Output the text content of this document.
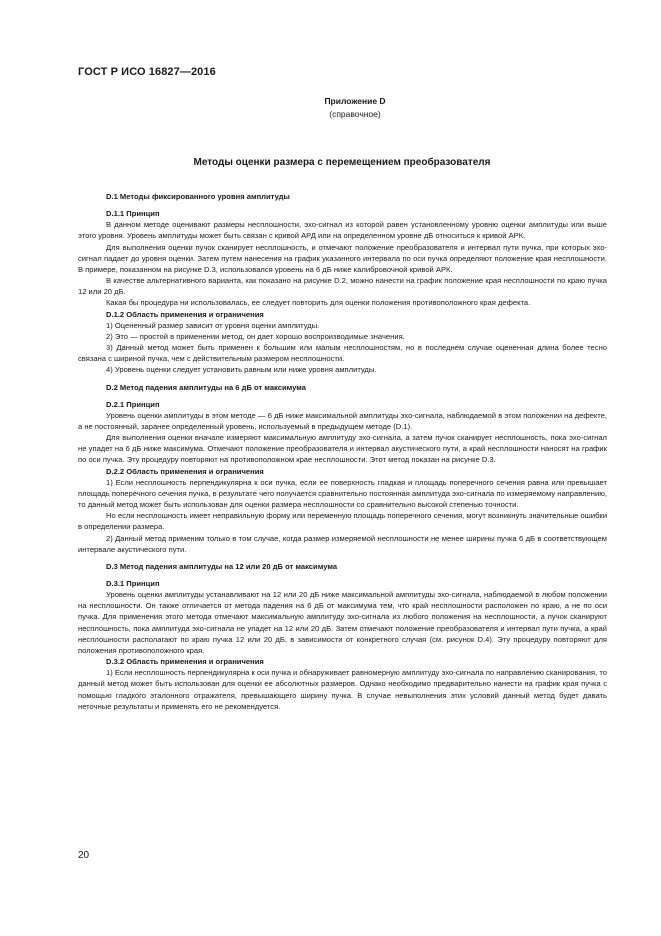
ГОСТ Р ИСО 16827—2016
Приложение D
(справочное)
Методы оценки размера с перемещением преобразователя

D.1 Методы фиксированного уровня амплитуды

D.1.1 Принцип

В данном методе оценивают размеры несплошности, эхо-сигнал из которой равен установленному уровню оценки амплитуды или выше этого уровня. Уровень амплитуды может быть связан с кривой АРД или на определенном уровне дБ относиться к кривой АРК.

Для выполнения оценки пучок сканирует несплошность, и отмечают положение преобразователя и интервал пути пучка, при которых эхо-сигнал падает до уровня оценки. Затем путем нанесения на график указанного интервала по оси пучка определяют положение края несплошности. В примере, показанном на рисунке D.3, использовался уровень на 6 дБ ниже калибровочной кривой АРК.

В качестве альтернативного варианта, как показано на рисунке D.2, можно нанести на график положение края несплошности по краю пучка 12 или 20 дБ.

Какая бы процедура ни использовалась, ее следует повторить для оценки положения противоположного края дефекта.

D.1.2 Область применения и ограничения

1) Оцененный размер зависит от уровня оценки амплитуды.

2) Это — простой в применении метод, он дает хорошо воспроизводимые значения.

3) Данный метод может быть применен к большим или малым несплошностям, но в последнем случае оцененная длина более тесно связана с шириной пучка, чем с действительным размером несплошности.

4) Уровень оценки следует установить равным или ниже уровня амплитуды.

D.2 Метод падения амплитуды на 6 дБ от максимума

D.2.1 Принцип

Уровень оценки амплитуды в этом методе — 6 дБ ниже максимальной амплитуды эхо-сигнала, наблюдаемой в этом положении на дефекте, а не постоянный, заранее определенный уровень, используемый в предыдущем методе (D.1).

Для выполнения оценки вначале измеряют максимальную амплитуду эхо-сигнала, а затем пучок сканирует несплошность, пока эхо-сигнал не упадет на 6 дБ ниже максимума. Отмечают положение преобразователя и интервал акустического пути, а край несплошности наносят на график по оси пучка. Эту процедуру повторяют на противоположном крае несплошности. Этот метод показан на рисунке D.3.

D.2.2 Область применения и ограничения

1) Если несплошность перпендикулярна к оси пучка, если ее поверхность гладкая и площадь поперечного сечения равна или превышает площадь поперечного сечения пучка, в результате чего получается сравнительно постоянная амплитуда эхо-сигнала по измеряемому направлению, то данный метод может быть использован для оценки размера несплошности со сравнительно высокой степенью точности.

Но если несплошность имеет неправильную форму или переменную площадь поперечного сечения, могут возникнуть значительные ошибки в определении размера.

2) Данный метод применим только в том случае, когда размер измеряемой несплошности не менее ширины пучка 6 дБ в соответствующем интервале акустического пути.

D.3 Метод падения амплитуды на 12 или 20 дБ от максимума

D.3.1 Принцип

Уровень оценки амплитуды устанавливают на 12 или 20 дБ ниже максимальной амплитуды эхо-сигнала, наблюдаемой в любом положении на несплошности. Он также отличается от метода падения на 6 дБ от максимума тем, что край несплошности расположен по краю, а не по оси пучка. Для применения этого метода отмечают максимальную амплитуду эхо-сигнала из любого положения на несплошности, а пучок сканируют несплошность, пока амплитуда эхо-сигнала не упадет на 12 или 20 дБ. Затем отмечают положение преобразователя и интервал пути пучка, а край несплошности располагают по краю пучка 12 или 20 дБ, в зависимости от конкретного случая (см. рисунок D.4). Эту процедуру повторяют для положения противоположного края.

D.3.2 Область применения и ограничения

1) Если несплошность перпендикулярна к оси пучка и обнаруживает равномерную амплитуду эхо-сигнала по направлению сканирования, то данный метод может быть использован для оценки ее абсолютных размеров. Однако необходимо предварительно нанести на график края пучка с помощью гладкого эталонного отражателя, превышающего ширину пучка. В случае невыполнения этих условий данный метод будет давать неточные результаты и применять его не рекомендуется.

20
